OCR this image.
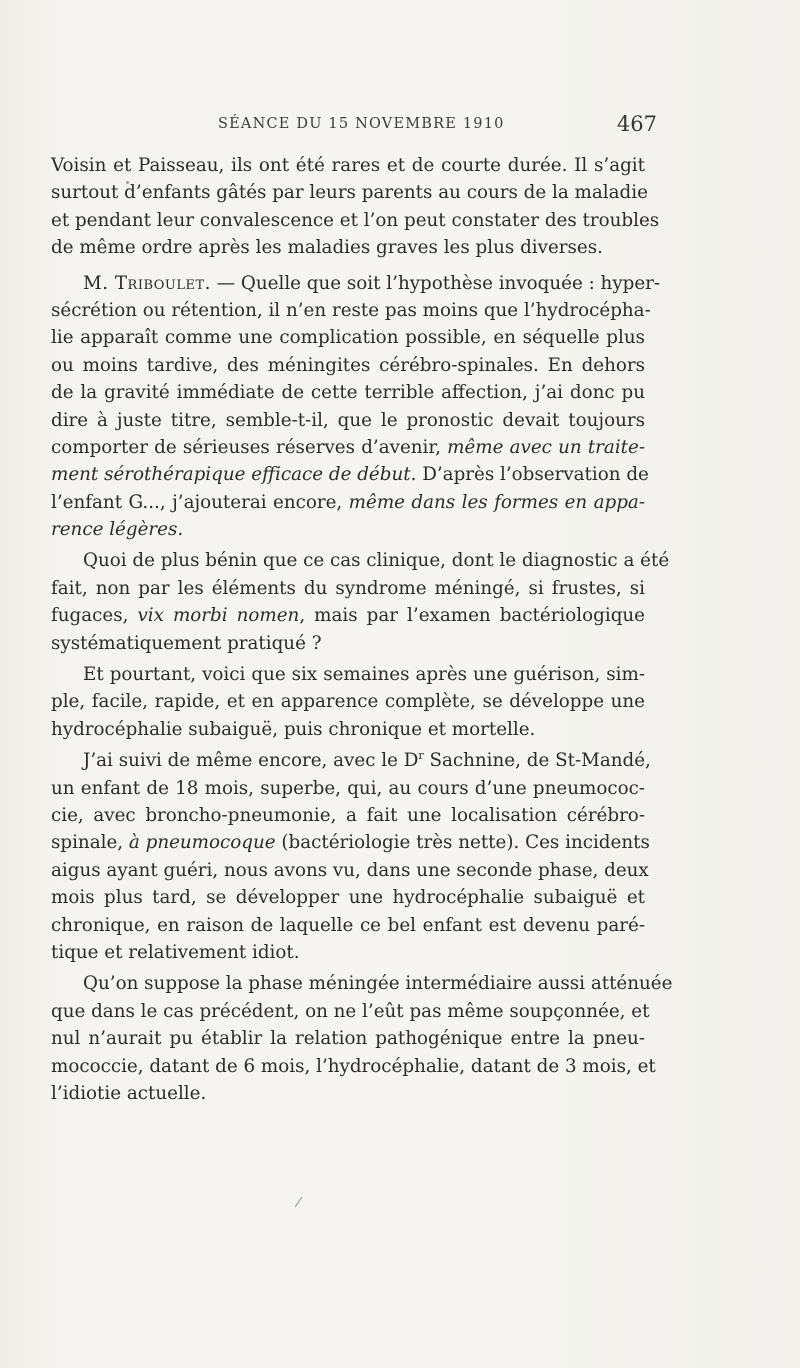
SÉANCE DU 15 NOVEMBRE 1910	467
Voisin et Paisseau, ils ont été rares et de courte durée. Il s’agit
surtout d’enfants gâtés par leurs parents au cours de la maladie
et pendant leur convalescence et l’on peut constater des troubles
de même ordre après les maladies graves les plus diverses.
M. Triboulet. — Quelle que soit l’hypothèse invoquée : hyper-
sécrétion ou rétention, il n’en reste pas moins que l’hydrocépha-
lie apparaît comme une complication possible, en séquelle plus
ou moins tardive, des méningites cérébro-spinales. En dehors
de la gravité immédiate de cette terrible affection, j’ai donc pu
dire à juste titre, semble-t-il, que le pronostic devait toujours
comporter de sérieuses réserves d’avenir, même avec un traite-
ment sérothérapique efficace de début. D’après l’observation de
l’enfant G..., j’ajouterai encore, même dans les formes en appa-
rence légères.
Quoi de plus bénin que ce cas clinique, dont le diagnostic a été
fait, non par les éléments du syndrome méningé, si frustes, si
fugaces, vix morbi nomen, mais par l’examen bactériologique
systématiquement pratiqué ?
Et pourtant, voici que six semaines après une guérison, sim-
ple, facile, rapide, et en apparence complète, se développe une
hydrocéphalie subaiguë, puis chronique et mortelle.
J’ai suivi de même encore, avec le $D^r$ Sachnine, de St-Mandé,
un enfant de 18 mois, superbe, qui, au cours d’une pneumococ-
cie, avec broncho-pneumonie, a fait une localisation cérébro-
spinale, à pneumocoque (bactériologie très nette). Ces incidents
aigus ayant guéri, nous avons vu, dans une seconde phase, deux
mois plus tard, se développer une hydrocéphalie subaiguë et
chronique, en raison de laquelle ce bel enfant est devenu paré-
tique et relativement idiot.
Qu’on suppose la phase méningée intermédiaire aussi atténuée
que dans le cas précédent, on ne l’eût pas même soupçonnée, et
nul n’aurait pu établir la relation pathogénique entre la pneu-
mococcie, datant de 6 mois, l’hydrocéphalie, datant de 3 mois, et
l’idiotie actuelle.
